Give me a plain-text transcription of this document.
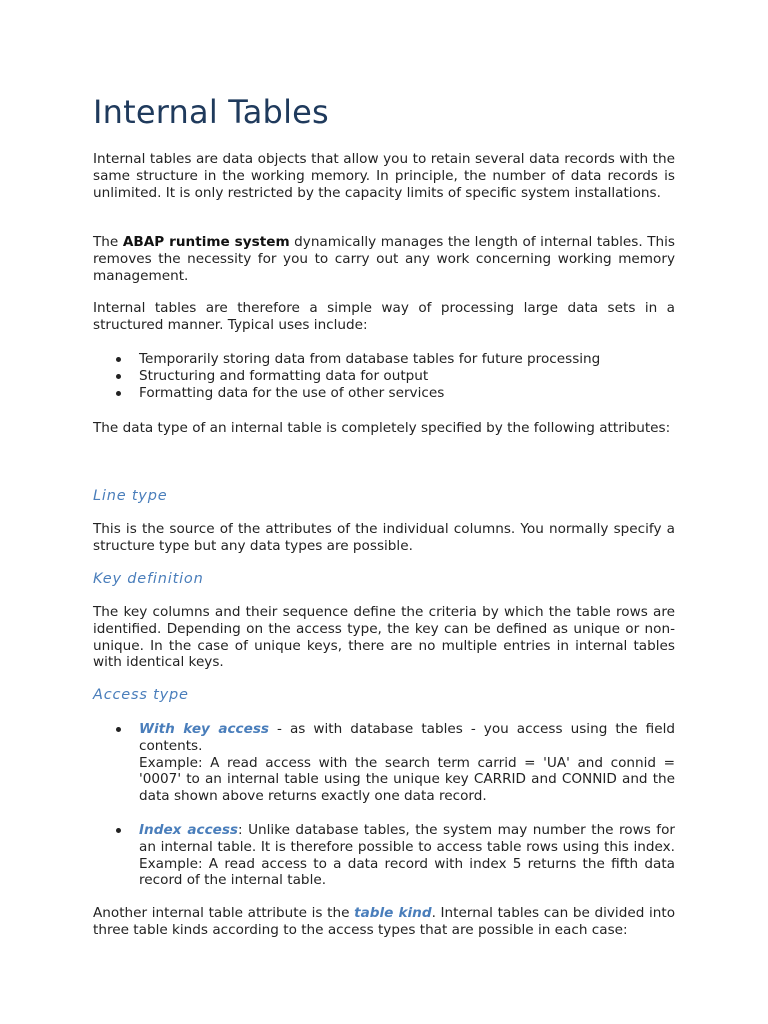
Internal Tables

Internal tables are data objects that allow you to retain several data records with the same structure in the working memory. In principle, the number of data records is unlimited. It is only restricted by the capacity limits of specific system installations.

The ABAP runtime system dynamically manages the length of internal tables. This removes the necessity for you to carry out any work concerning working memory management.

Internal tables are therefore a simple way of processing large data sets in a structured manner. Typical uses include:

Temporarily storing data from database tables for future processing
Structuring and formatting data for output
Formatting data for the use of other services

The data type of an internal table is completely specified by the following attributes:

Line type

This is the source of the attributes of the individual columns. You normally specify a structure type but any data types are possible.

Key definition

The key columns and their sequence define the criteria by which the table rows are identified. Depending on the access type, the key can be defined as unique or non-unique. In the case of unique keys, there are no multiple entries in internal tables with identical keys.

Access type
With key access - as with database tables - you access using the field contents.
Example: A read access with the search term carrid = 'UA' and connid = '0007' to an internal table using the unique key CARRID and CONNID and the data shown above returns exactly one data record.
Index access: Unlike database tables, the system may number the rows for an internal table. It is therefore possible to access table rows using this index. Example: A read access to a data record with index 5 returns the fifth data record of the internal table.

Another internal table attribute is the table kind. Internal tables can be divided into three table kinds according to the access types that are possible in each case:
